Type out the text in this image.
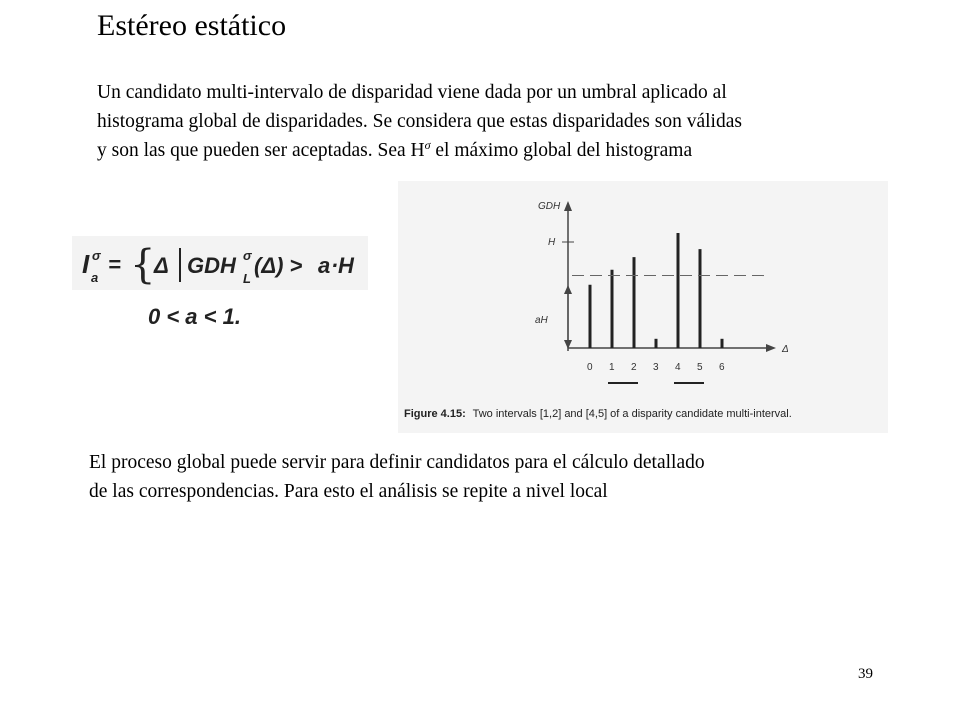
Estéreo estático

Un candidato multi-intervalo de disparidad viene dada por un umbral aplicado al

histograma global de disparidades. Se considera que estas disparidades son válidas

y son las que pueden ser aceptadas. Sea $H^\sigma$ el máximo global del histograma

I a
σ = {
Δ GDH σ
L
(Δ) > a · H
0 < a < 1.
GDH
H
aH
Δ
0 1 2 3 4 5 6
Figure 4.15: Two intervals [1,2] and [4,5] of a disparity candidate multi-interval.

El proceso global puede servir para definir candidatos para el cálculo detallado

de las correspondencias. Para esto el análisis se repite a nivel local

39
